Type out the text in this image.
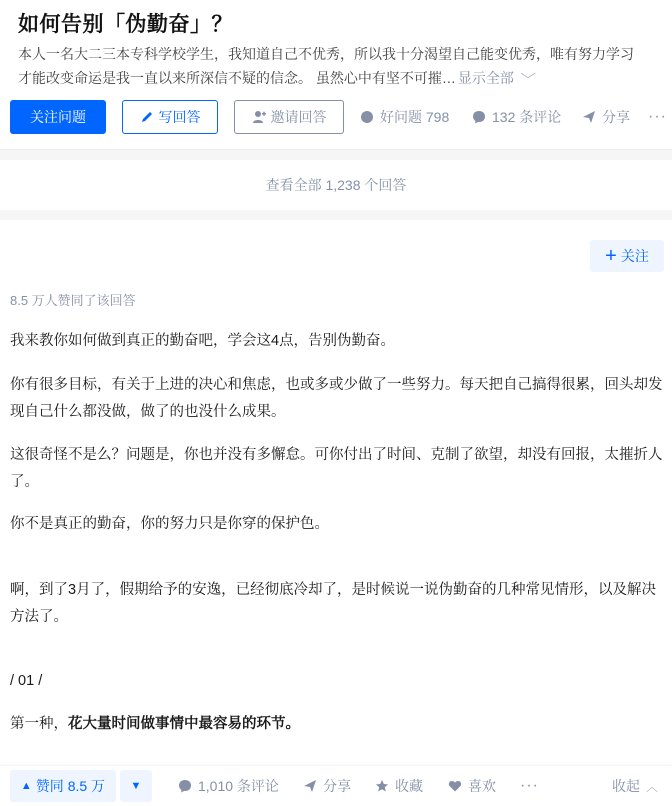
如何告别「伪勤奋」？
本人一名大二三本专科学校学生，我知道自己不优秀，所以我十分渴望自己能变优秀，唯有努力学习
才能改变命运是我一直以来所深信不疑的信念。 虽然心中有坚不可摧… 显示全部 ﹀
关注问题	写回答	邀请回答	好问题 798	132 条评论	分享 ···
查看全部 1,238 个回答
+ 关注
8.5 万人赞同了该回答

我来教你如何做到真正的勤奋吧，学会这4点，告别伪勤奋。

你有很多目标，有关于上进的决心和焦虑，也或多或少做了一些努力。每天把自己搞得很累，回头却发现自己什么都没做，做了的也没什么成果。

这很奇怪不是么？问题是，你也并没有多懈怠。可你付出了时间、克制了欲望，却没有回报，太摧折人了。

你不是真正的勤奋，你的努力只是你穿的保护色。

啊，到了3月了，假期给予的安逸，已经彻底冷却了，是时候说一说伪勤奋的几种常见情形，以及解决方法了。

/ 01 /

第一种，花大量时间做事情中最容易的环节。

▲ 赞同 8.5 万 ▼	1,010 条评论	分享	收藏	喜欢 ···	收起 ︿
